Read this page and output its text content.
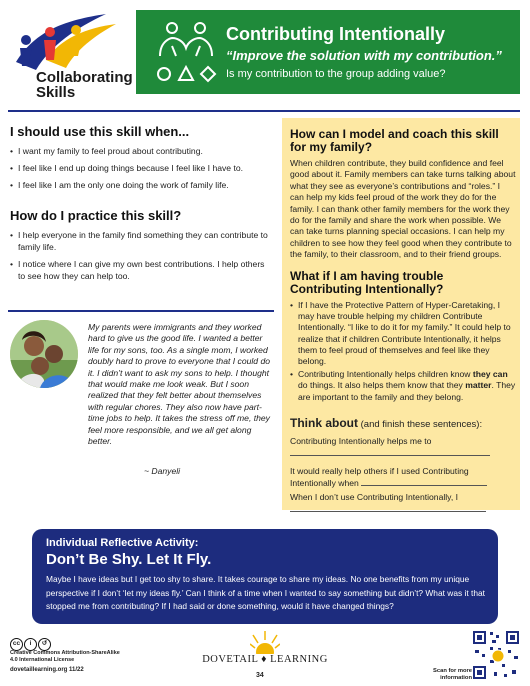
Collaborating
Skills
Contributing Intentionally
“Improve the solution with my contribution.”
Is my contribution to the group adding value?
I should use this skill when...
• I want my family to feel proud about contributing.
• I feel like I end up doing things because I feel like I have to.
• I feel like I am the only one doing the work of family life.
How do I practice this skill?
• I help everyone in the family find something they can contribute to family life.
• I notice where I can give my own best contributions. I help others to see how they can help too.
My parents were immigrants and they worked hard to give us the good life. I wanted a better life for my sons, too. As a single mom, I worked doubly hard to prove to everyone that I could do it. I didn’t want to ask my sons to help. I thought that would make me look weak. But I soon realized that they felt better about themselves with regular chores. They also now have part-time jobs to help. It takes the stress off me, they feel more responsible, and we all get along better.
~ Danyeli
How can I model and coach this skill for my family?
When children contribute, they build confidence and feel good about it. Family members can take turns talking about what they see as everyone’s contributions and “roles.” I can help my kids feel proud of the work they do for the family. I can thank other family members for the work they do for the family and share the work when possible. We can take turns planning special occasions. I can help my children to see how they feel good when they contribute to the family, to their classroom, and to their friend groups.
What if I am having trouble Contributing Intentionally?
• If I have the Protective Pattern of Hyper-Caretaking, I may have trouble helping my children Contribute Intentionally. “I like to do it for my family.” It could help to realize that if children Contribute Intentionally, it helps them to feel proud of themselves and feel like they belong.
• Contributing Intentionally helps children know they can do things. It also helps them know that they matter. They are important to the family and they belong.
Think about (and finish these sentences):
Contributing Intentionally helps me to
It would really help others if I used Contributing
Intentionally when
When I don’t use Contributing Intentionally, I
Individual Reflective Activity:
Don’t Be Shy. Let It Fly.
Maybe I have ideas but I get too shy to share. It takes courage to share my ideas. No one benefits from my unique perspective if I don’t ‘let my ideas fly.’ Can I think of a time when I wanted to say something but didn’t? What was it that stopped me from contributing? If I had said or done something, would it have changed things?
cc i ↺
Creative Commons Attribution-ShareAlike
4.0 International License
dovetaillearning.org 11/22
DOVETAIL ♦ LEARNING
34
Scan for more information
